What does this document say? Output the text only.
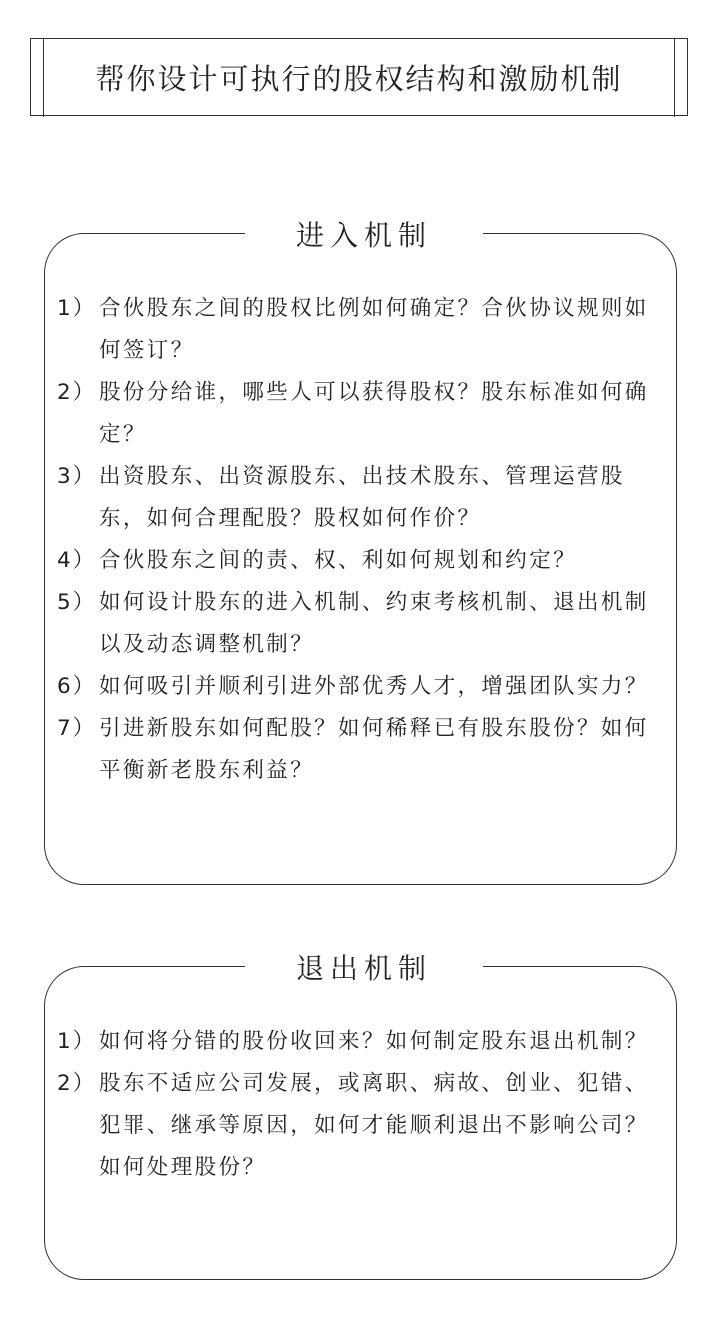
帮你设计可执行的股权结构和激励机制
进入机制
1） 合伙股东之间的股权比例如何确定？合伙协议规则如何签订？
2） 股份分给谁，哪些人可以获得股权？股东标准如何确定？
3） 出资股东、出资源股东、出技术股东、管理运营股东，如何合理配股？股权如何作价？
4） 合伙股东之间的责、权、利如何规划和约定？
5） 如何设计股东的进入机制、约束考核机制、退出机制以及动态调整机制？
6） 如何吸引并顺利引进外部优秀人才，增强团队实力？
7） 引进新股东如何配股？如何稀释已有股东股份？如何平衡新老股东利益？
退出机制
1） 如何将分错的股份收回来？如何制定股东退出机制？
2） 股东不适应公司发展，或离职、病故、创业、犯错、犯罪、继承等原因，如何才能顺利退出不影响公司？如何处理股份？
